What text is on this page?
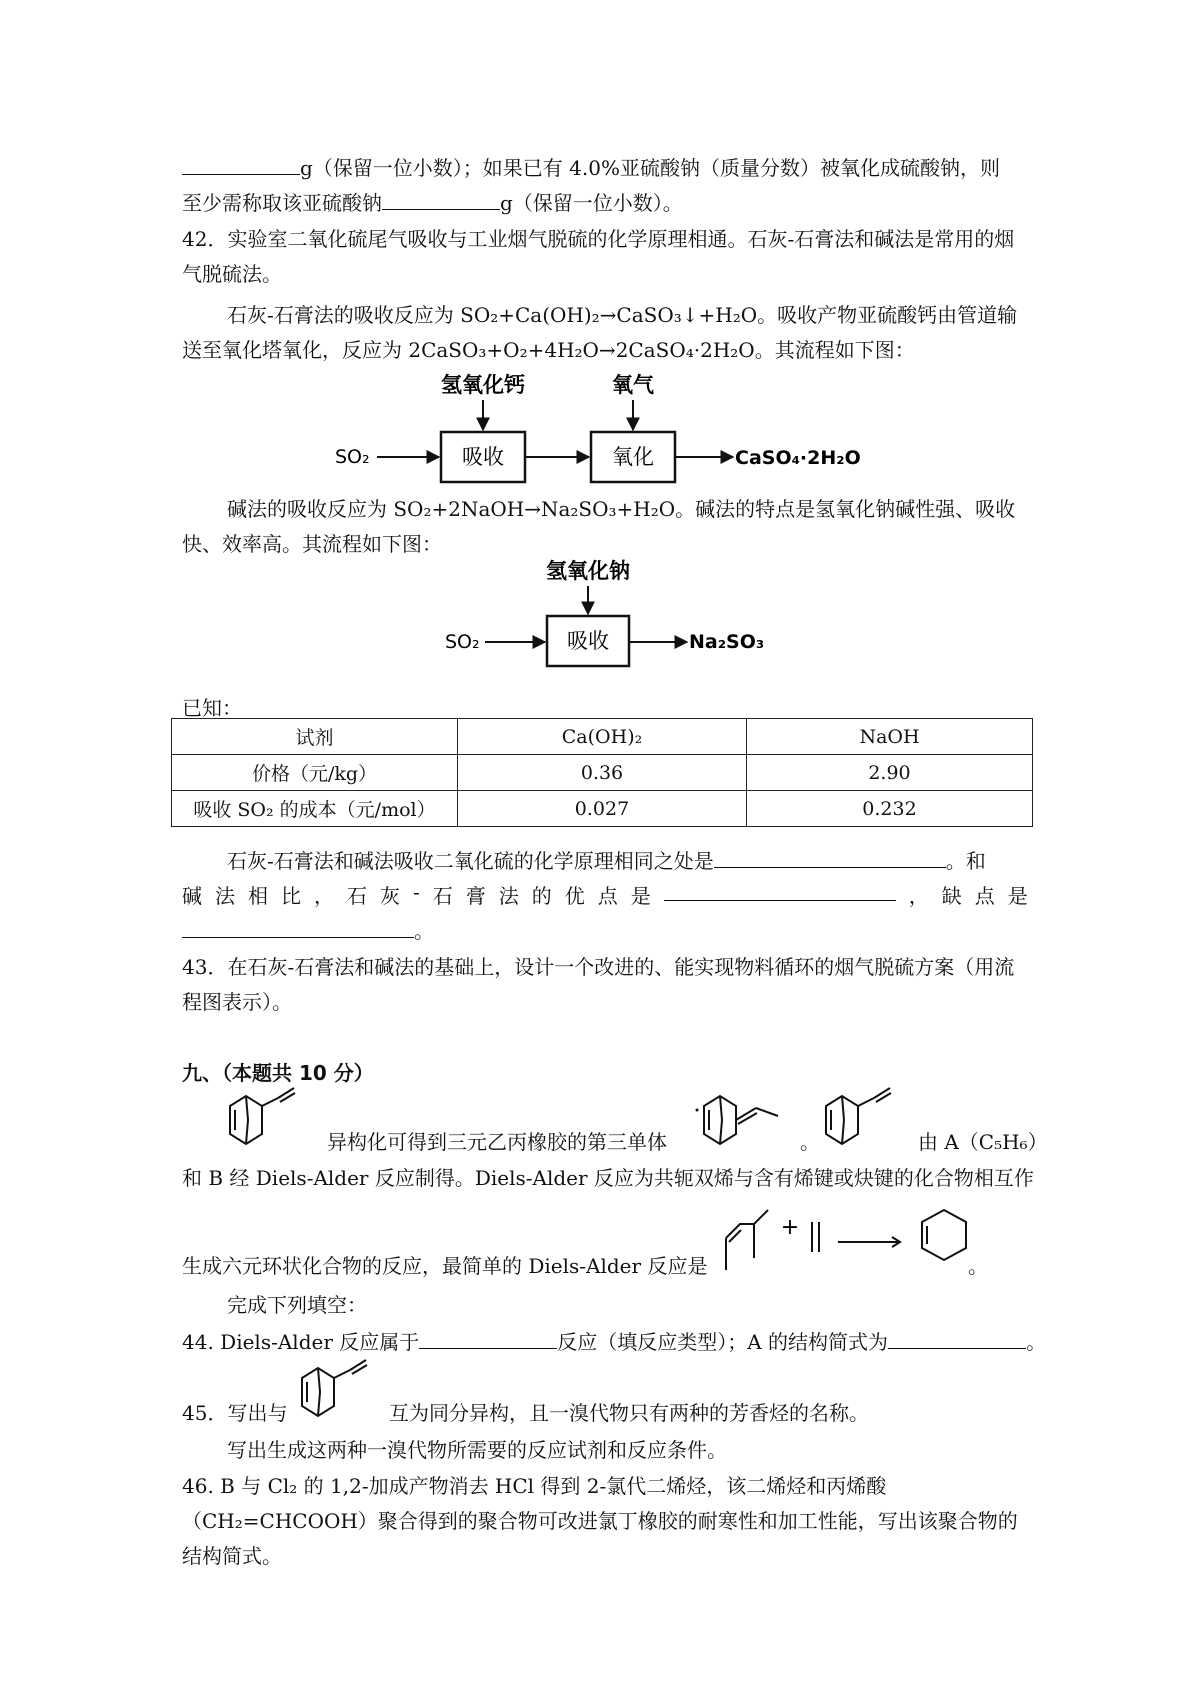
g（保留一位小数）；如果已有 4.0%亚硫酸钠（质量分数）被氧化成硫酸钠，则
至少需称取该亚硫酸钠	g（保留一位小数）。
42．实验室二氧化硫尾气吸收与工业烟气脱硫的化学原理相通。石灰-石膏法和碱法是常用的烟气脱硫法。
石灰-石膏法的吸收反应为 SO₂+Ca(OH)₂→CaSO₃↓+H₂O。吸收产物亚硫酸钙由管道输送至氧化塔氧化，反应为 2CaSO₃+O₂+4H₂O→2CaSO₄·2H₂O。其流程如下图：
氢氧化钙	氧气
SO₂	吸收	氧化	CaSO₄·2H₂O
碱法的吸收反应为 SO₂+2NaOH→Na₂SO₃+H₂O。碱法的特点是氢氧化钠碱性强、吸收快、效率高。其流程如下图：
氢氧化钠
SO₂	吸收	Na₂SO₃
已知：
试剂	Ca(OH)₂	NaOH
价格（元/kg）	0.36	2.90
吸收 SO₂ 的成本（元/mol）	0.027	0.232
石灰-石膏法和碱法吸收二氧化硫的化学原理相同之处是	。和
碱 法 相 比 ， 石 灰 - 石 膏 法 的 优 点 是	， 缺 点 是
。
43．在石灰-石膏法和碱法的基础上，设计一个改进的、能实现物料循环的烟气脱硫方案（用流程图表示）。
九、（本题共 10 分）
异构化可得到三元乙丙橡胶的第三单体	。	由 A（C₅H₆）
和 B 经 Diels-Alder 反应制得。Diels-Alder 反应为共轭双烯与含有烯键或炔键的化合物相互作
+
生成六元环状化合物的反应，最简单的 Diels-Alder 反应是	。
完成下列填空：
44. Diels-Alder 反应属于	反应（填反应类型）；A 的结构简式为	。
45．写出与	互为同分异构，且一溴代物只有两种的芳香烃的名称。
写出生成这两种一溴代物所需要的反应试剂和反应条件。
46. B 与 Cl₂ 的 1,2-加成产物消去 HCl 得到 2-氯代二烯烃，该二烯烃和丙烯酸（CH₂=CHCOOH）聚合得到的聚合物可改进氯丁橡胶的耐寒性和加工性能，写出该聚合物的结构简式。
